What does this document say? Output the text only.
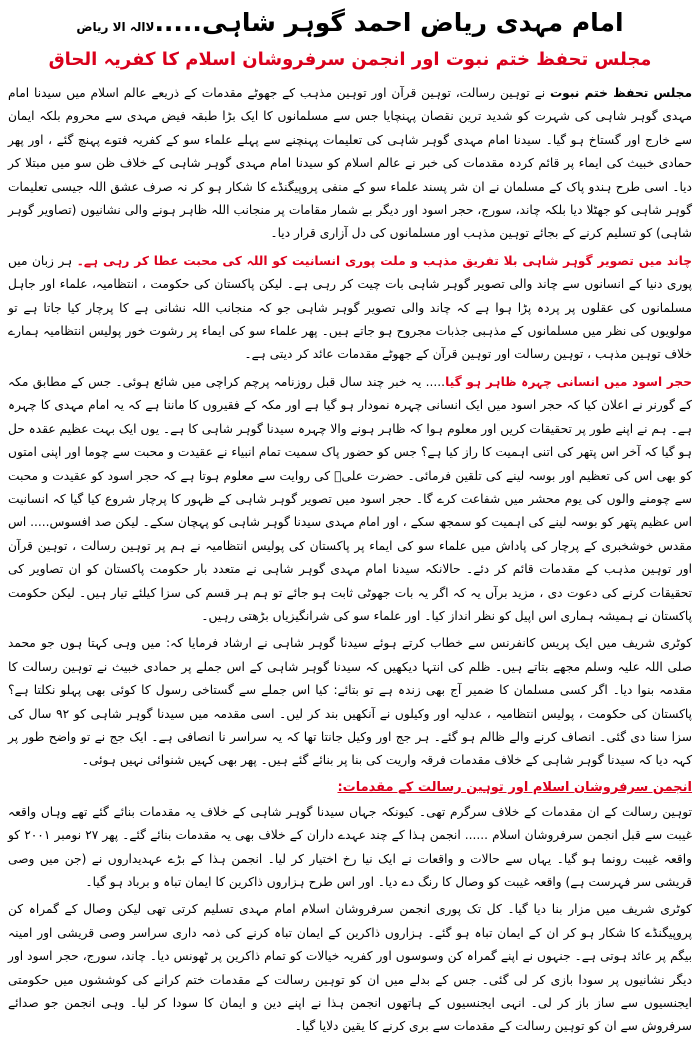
امام مہدی ریاض احمد گوہر شاہی.....لاالہ الا ریاض
مجلس تحفظ ختم نبوت اور انجمن سرفروشان اسلام کا کفریہ الحاق

مجلس تحفظ ختم نبوت نے توہین رسالت، توہین قرآن اور توہین مذہب کے جھوٹے مقدمات کے ذریعے عالم اسلام میں سیدنا امام مہدی گوہر شاہی کی شہرت کو شدید ترین نقصان پہنچایا جس سے مسلمانوں کا ایک بڑا طبقہ فیض مہدی سے محروم بلکہ ایمان سے خارج اور گستاخ ہو گیا۔ سیدنا امام مہدی گوہر شاہی کی تعلیمات پہنچنے سے پہلے علماء سو کے کفریہ فتوے پہنچ گئے ، اور پھر حمادی خبیث کی ایماء پر قائم کردہ مقدمات کی خبر نے عالم اسلام کو سیدنا امام مہدی گوہر شاہی کے خلاف ظن سو میں مبتلا کر دیا۔ اسی طرح ہندو پاک کے مسلمان نے ان شر پسند علماء سو کے منفی پروپیگنڈے کا شکار ہو کر نہ صرف عشق اللہ جیسی تعلیمات گوہر شاہی کو جھٹلا دیا بلکہ چاند، سورج، حجر اسود اور دیگر بے شمار مقامات پر منجانب اللہ ظاہر ہونے والی نشانیوں (تصاویر گوہر شاہی) کو تسلیم کرنے کے بجائے توہین مذہب اور مسلمانوں کی دل آزاری قرار دیا۔

چاند میں تصویر گوہر شاہی بلا تفریق مذہب و ملت پوری انسانیت کو اللہ کی محبت عطا کر رہی ہے۔ ہر زبان میں پوری دنیا کے انسانوں سے چاند والی تصویر گوہر شاہی بات چیت کر رہی ہے۔ لیکن پاکستان کی حکومت ، انتظامیہ، علماء اور جاہل مسلمانوں کی عقلوں پر پردہ پڑا ہوا ہے کہ چاند والی تصویر گوہر شاہی جو کہ منجانب اللہ نشانی ہے کا پرچار کیا جاتا ہے تو مولویوں کی نظر میں مسلمانوں کے مذہبی جذبات مجروح ہو جاتے ہیں۔ پھر علماء سو کی ایماء پر رشوت خور پولیس انتظامیہ ہمارے خلاف توہین مذہب ، توہین رسالت اور توہین قرآن کے جھوٹے مقدمات عائد کر دیتی ہے۔

حجر اسود میں انسانی چہرہ ظاہر ہو گیا..... یہ خبر چند سال قبل روزنامہ پرچم کراچی میں شائع ہوئی۔ جس کے مطابق مکہ کے گورنر نے اعلان کیا کہ حجر اسود میں ایک انسانی چہرہ نمودار ہو گیا ہے اور مکہ کے فقیروں کا ماننا ہے کہ یہ امام مہدی کا چہرہ ہے۔ ہم نے اپنے طور پر تحقیقات کریں اور معلوم ہوا کہ ظاہر ہونے والا چہرہ سیدنا گوہر شاہی کا ہے۔ یوں ایک بہت عظیم عقدہ حل ہو گیا کہ آخر اس پتھر کی اتنی اہمیت کا راز کیا ہے؟ جس کو حضور پاک سمیت تمام انبیاء نے عقیدت و محبت سے چوما اور اپنی امتوں کو بھی اس کی تعظیم اور بوسہ لینے کی تلقین فرمائی۔ حضرت علیؓ کی روایت سے معلوم ہوتا ہے کہ حجر اسود کو عقیدت و محبت سے چومنے والوں کی یوم محشر میں شفاعت کرے گا۔ حجر اسود میں تصویر گوہر شاہی کے ظہور کا پرچار شروع کیا گیا کہ انسانیت اس عظیم پتھر کو بوسہ لینے کی اہمیت کو سمجھ سکے ، اور امام مہدی سیدنا گوہر شاہی کو پہچان سکے۔ لیکن صد افسوس..... اس مقدس خوشخبری کے پرچار کی پاداش میں علماء سو کی ایماء پر پاکستان کی پولیس انتظامیہ نے ہم پر توہین رسالت ، توہین قرآن اور توہین مذہب کے مقدمات قائم کر دئے۔ حالانکہ سیدنا امام مہدی گوہر شاہی نے متعدد بار حکومت پاکستان کو ان تصاویر کی تحقیقات کرنے کی دعوت دی ، مزید برآں یہ کہ اگر یہ بات جھوٹی ثابت ہو جائے تو ہم ہر قسم کی سزا کیلئے تیار ہیں۔ لیکن حکومت پاکستان نے ہمیشہ ہماری اس اپیل کو نظر انداز کیا۔ اور علماء سو کی شرانگیزیاں بڑھتی رہیں۔

کوٹری شریف میں ایک پریس کانفرنس سے خطاب کرتے ہوئے سیدنا گوہر شاہی نے ارشاد فرمایا کہ: میں وہی کہتا ہوں جو محمد صلی اللہ علیہ وسلم مجھے بتاتے ہیں۔ ظلم کی انتہا دیکھیں کہ سیدنا گوہر شاہی کے اس جملے پر حمادی خبیث نے توہین رسالت کا مقدمہ بنوا دیا۔ اگر کسی مسلمان کا ضمیر آج بھی زندہ ہے تو بتائے: کیا اس جملے سے گستاخی رسول کا کوئی بھی پہلو نکلتا ہے؟ پاکستان کی حکومت ، پولیس انتظامیہ ، عدلیہ اور وکیلوں نے آنکھیں بند کر لیں۔ اسی مقدمہ میں سیدنا گوہر شاہی کو ۹۲ سال کی سزا سنا دی گئی۔ انصاف کرنے والے ظالم ہو گئے۔ ہر جج اور وکیل جانتا تھا کہ یہ سراسر نا انصافی ہے۔ ایک جج نے تو واضح طور پر کہہ دیا کہ سیدنا گوہر شاہی کے خلاف مقدمات فرقہ واریت کی بنا پر بنائے گئے ہیں۔ پھر بھی کہیں شنوائی نہیں ہوئی۔

انجمن سرفروشان اسلام اور توہین رسالت کے مقدمات:

توہین رسالت کے ان مقدمات کے خلاف سرگرم تھی۔ کیونکہ جہاں سیدنا گوہر شاہی کے خلاف یہ مقدمات بنائے گئے تھے وہاں واقعہ غیبت سے قبل انجمن سرفروشان اسلام ...... انجمن ہذا کے چند عہدے داران کے خلاف بھی یہ مقدمات بنائے گئے۔ پھر ۲۷ نومبر ۲۰۰۱ کو واقعہ غیبت رونما ہو گیا۔ یہاں سے حالات و واقعات نے ایک نیا رخ اختیار کر لیا۔ انجمن ہذا کے بڑے عہدیداروں نے (جن میں وصی قریشی سر فہرست ہے) واقعہ غیبت کو وصال کا رنگ دے دیا۔ اور اس طرح ہزاروں ذاکرین کا ایمان تباہ و برباد ہو گیا۔

کوٹری شریف میں مزار بنا دیا گیا۔ کل تک پوری انجمن سرفروشان اسلام امام مہدی تسلیم کرتی تھی لیکن وصال کے گمراہ کن پروپیگنڈے کا شکار ہو کر ان کے ایمان تباہ ہو گئے۔ ہزاروں ذاکرین کے ایمان تباہ کرنے کی ذمہ داری سراسر وصی قریشی اور امینہ بیگم پر عائد ہوتی ہے۔ جنہوں نے اپنے گمراہ کن وسوسوں اور کفریہ خیالات کو تمام ذاکرین پر ٹھونس دیا۔ چاند، سورج، حجر اسود اور دیگر نشانیوں پر سودا بازی کر لی گئی۔ جس کے بدلے میں ان کو توہین رسالت کے مقدمات ختم کرانے کی کوششوں میں حکومتی ایجنسیوں سے ساز باز کر لی۔ انہی ایجنسیوں کے ہاتھوں انجمن ہذا نے اپنے دین و ایمان کا سودا کر لیا۔ وہی انجمن جو صدائے سرفروش سے ان کو توہین رسالت کے مقدمات سے بری کرنے کا یقین دلایا گیا۔
